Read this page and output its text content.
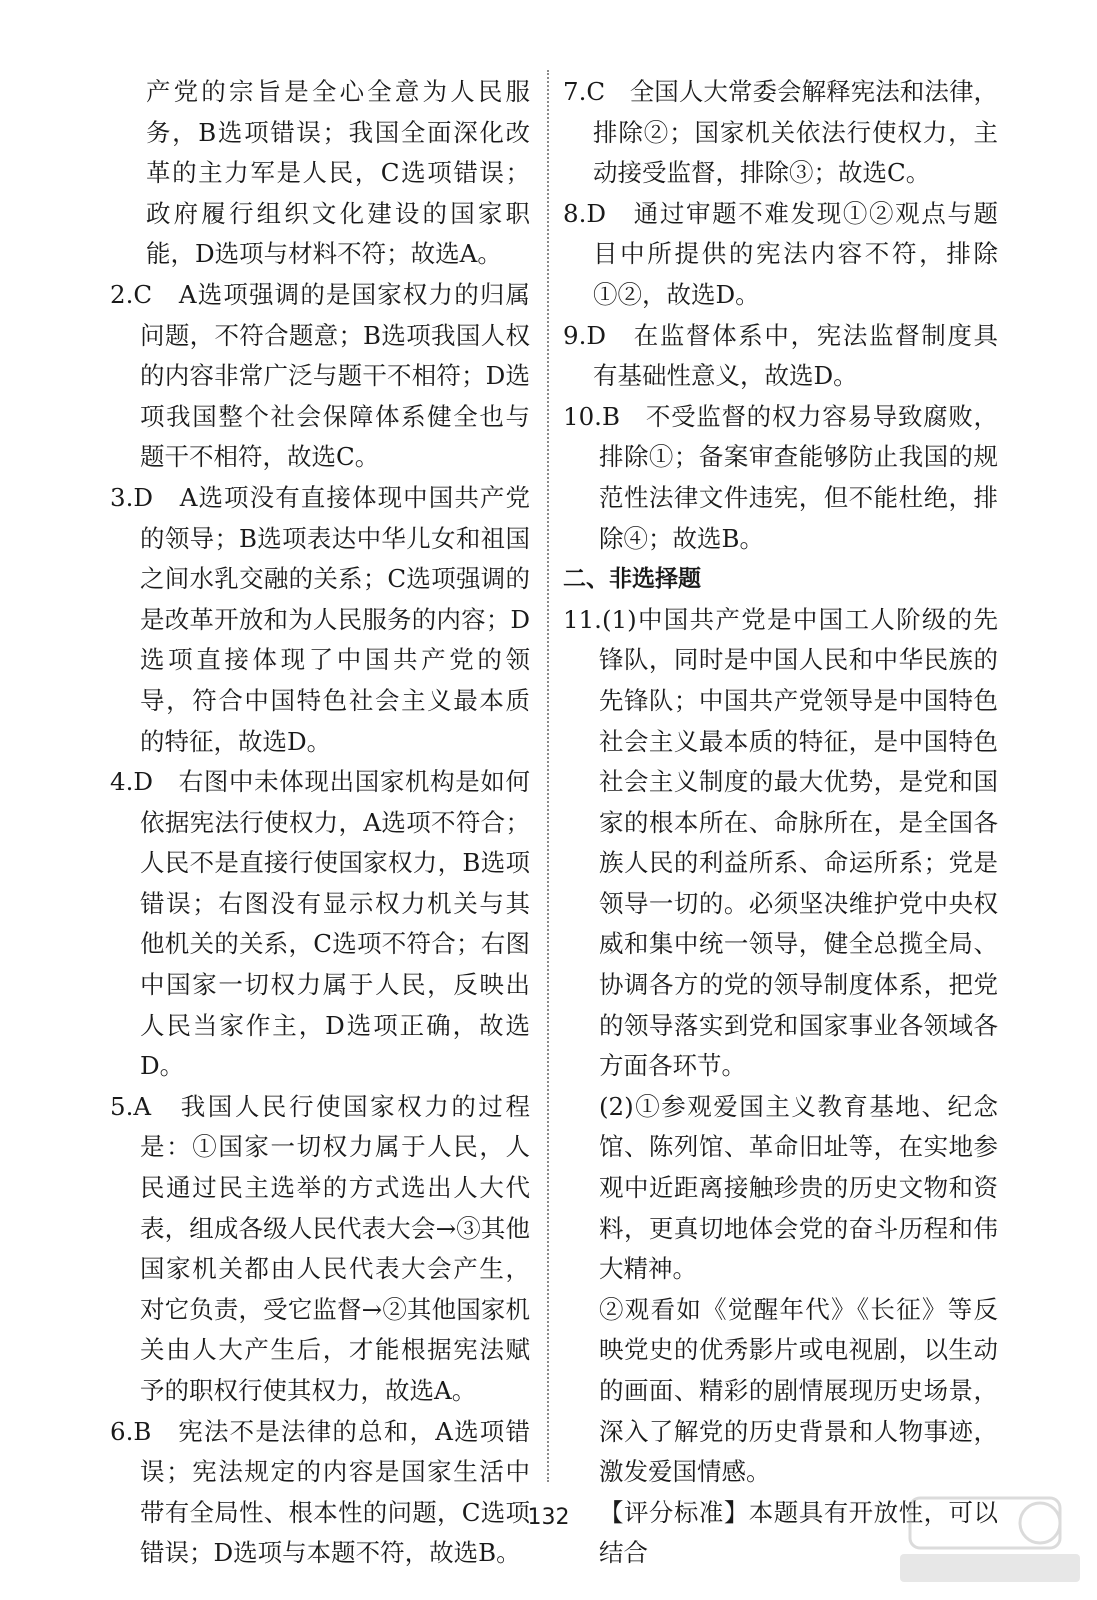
产党的宗旨是全心全意为人民服务，B选项错误；我国全面深化改革的主力军是人民，C选项错误；政府履行组织文化建设的国家职能，D选项与材料不符；故选A。

2.C　A选项强调的是国家权力的归属问题，不符合题意；B选项我国人权的内容非常广泛与题干不相符；D选项我国整个社会保障体系健全也与题干不相符，故选C。

3.D　A选项没有直接体现中国共产党的领导；B选项表达中华儿女和祖国之间水乳交融的关系；C选项强调的是改革开放和为人民服务的内容；D选项直接体现了中国共产党的领导，符合中国特色社会主义最本质的特征，故选D。

4.D　右图中未体现出国家机构是如何依据宪法行使权力，A选项不符合；人民不是直接行使国家权力，B选项错误；右图没有显示权力机关与其他机关的关系，C选项不符合；右图中国家一切权力属于人民，反映出人民当家作主，D选项正确，故选D。

5.A　我国人民行使国家权力的过程是：①国家一切权力属于人民，人民通过民主选举的方式选出人大代表，组成各级人民代表大会→③其他国家机关都由人民代表大会产生，对它负责，受它监督→②其他国家机关由人大产生后，才能根据宪法赋予的职权行使其权力，故选A。

6.B　宪法不是法律的总和，A选项错误；宪法规定的内容是国家生活中带有全局性、根本性的问题，C选项错误；D选项与本题不符，故选B。

7.C　全国人大常委会解释宪法和法律，排除②；国家机关依法行使权力，主动接受监督，排除③；故选C。

8.D　通过审题不难发现①②观点与题目中所提供的宪法内容不符，排除①②，故选D。

9.D　在监督体系中，宪法监督制度具有基础性意义，故选D。

10.B　不受监督的权力容易导致腐败，排除①；备案审查能够防止我国的规范性法律文件违宪，但不能杜绝，排除④；故选B。

二、非选择题

11.(1)中国共产党是中国工人阶级的先锋队，同时是中国人民和中华民族的先锋队；中国共产党领导是中国特色社会主义最本质的特征，是中国特色社会主义制度的最大优势，是党和国家的根本所在、命脉所在，是全国各族人民的利益所系、命运所系；党是领导一切的。必须坚决维护党中央权威和集中统一领导，健全总揽全局、协调各方的党的领导制度体系，把党的领导落实到党和国家事业各领域各方面各环节。

(2)①参观爱国主义教育基地、纪念馆、陈列馆、革命旧址等，在实地参观中近距离接触珍贵的历史文物和资料，更真切地体会党的奋斗历程和伟大精神。

②观看如《觉醒年代》《长征》等反映党史的优秀影片或电视剧，以生动的画面、精彩的剧情展现历史场景，深入了解党的历史背景和人物事迹，激发爱国情感。

【评分标准】本题具有开放性，可以结合

132
